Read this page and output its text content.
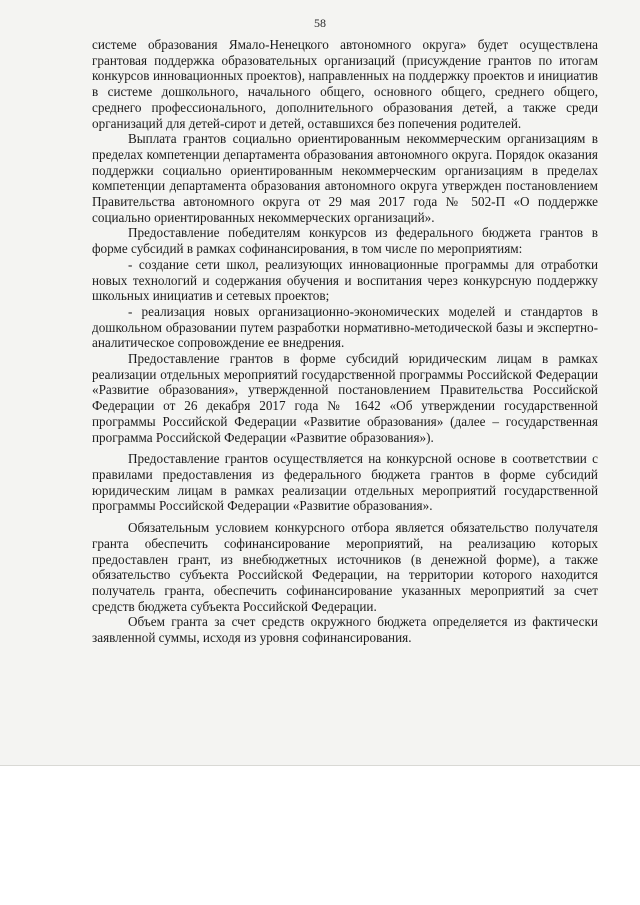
58

системе образования Ямало-Ненецкого автономного округа» будет осуществлена грантовая поддержка образовательных организаций (присуждение грантов по итогам конкурсов инновационных проектов), направленных на поддержку проектов и инициатив в системе дошкольного, начального общего, основного общего, среднего общего, среднего профессионального, дополнительного образования детей, а также среди организаций для детей-сирот и детей, оставшихся без попечения родителей.

Выплата грантов социально ориентированным некоммерческим организациям в пределах компетенции департамента образования автономного округа. Порядок оказания поддержки социально ориентированным некоммерческим организациям в пределах компетенции департамента образования автономного округа утвержден постановлением Правительства автономного округа от 29 мая 2017 года № 502-П «О поддержке социально ориентированных некоммерческих организаций».

Предоставление победителям конкурсов из федерального бюджета грантов в форме субсидий в рамках софинансирования, в том числе по мероприятиям:

- создание сети школ, реализующих инновационные программы для отработки новых технологий и содержания обучения и воспитания через конкурсную поддержку школьных инициатив и сетевых проектов;

- реализация новых организационно-экономических моделей и стандартов в дошкольном образовании путем разработки нормативно-методической базы и экспертно-аналитическое сопровождение ее внедрения.

Предоставление грантов в форме субсидий юридическим лицам в рамках реализации отдельных мероприятий государственной программы Российской Федерации «Развитие образования», утвержденной постановлением Правительства Российской Федерации от 26 декабря 2017 года № 1642 «Об утверждении государственной программы Российской Федерации «Развитие образования» (далее – государственная программа Российской Федерации «Развитие образования»).

Предоставление грантов осуществляется на конкурсной основе в соответствии с правилами предоставления из федерального бюджета грантов в форме субсидий юридическим лицам в рамках реализации отдельных мероприятий государственной программы Российской Федерации «Развитие образования».

Обязательным условием конкурсного отбора является обязательство получателя гранта обеспечить софинансирование мероприятий, на реализацию которых предоставлен грант, из внебюджетных источников (в денежной форме), а также обязательство субъекта Российской Федерации, на территории которого находится получатель гранта, обеспечить софинансирование указанных мероприятий за счет средств бюджета субъекта Российской Федерации.

Объем гранта за счет средств окружного бюджета определяется из фактически заявленной суммы, исходя из уровня софинансирования.
